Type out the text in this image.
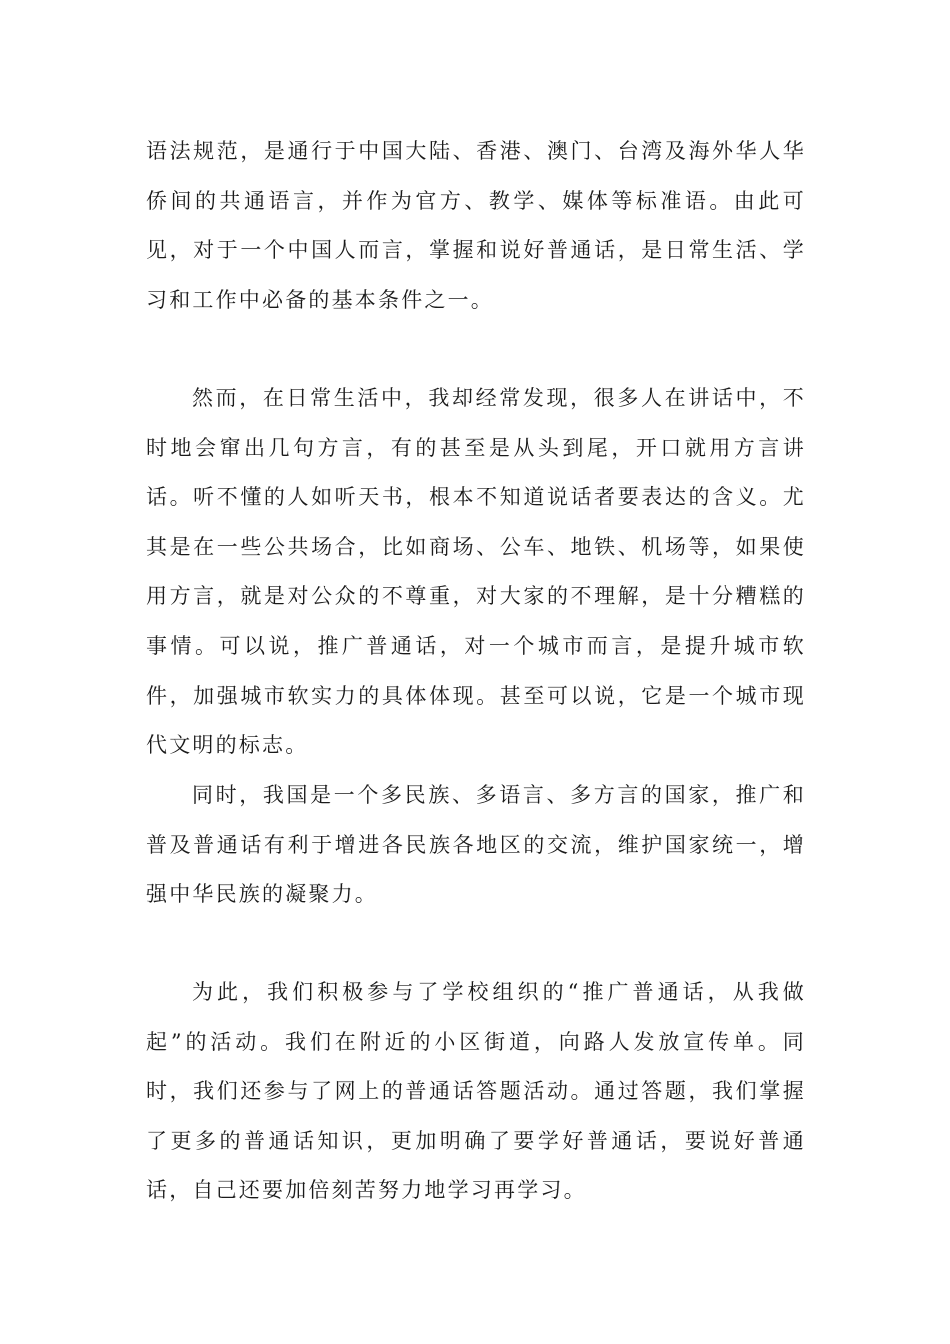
语法规范，是通行于中国大陆、香港、澳门、台湾及海外华人华侨间的共通语言，并作为官方、教学、媒体等标准语。由此可见，对于一个中国人而言，掌握和说好普通话，是日常生活、学习和工作中必备的基本条件之一。

然而，在日常生活中，我却经常发现，很多人在讲话中，不时地会窜出几句方言，有的甚至是从头到尾，开口就用方言讲话。听不懂的人如听天书，根本不知道说话者要表达的含义。尤其是在一些公共场合，比如商场、公车、地铁、机场等，如果使用方言，就是对公众的不尊重，对大家的不理解，是十分糟糕的事情。可以说，推广普通话，对一个城市而言，是提升城市软件，加强城市软实力的具体体现。甚至可以说，它是一个城市现代文明的标志。

同时，我国是一个多民族、多语言、多方言的国家，推广和普及普通话有利于增进各民族各地区的交流，维护国家统一，增强中华民族的凝聚力。

为此，我们积极参与了学校组织的“推广普通话，从我做起”的活动。我们在附近的小区街道，向路人发放宣传单。同时，我们还参与了网上的普通话答题活动。通过答题，我们掌握了更多的普通话知识，更加明确了要学好普通话，要说好普通话，自己还要加倍刻苦努力地学习再学习。
